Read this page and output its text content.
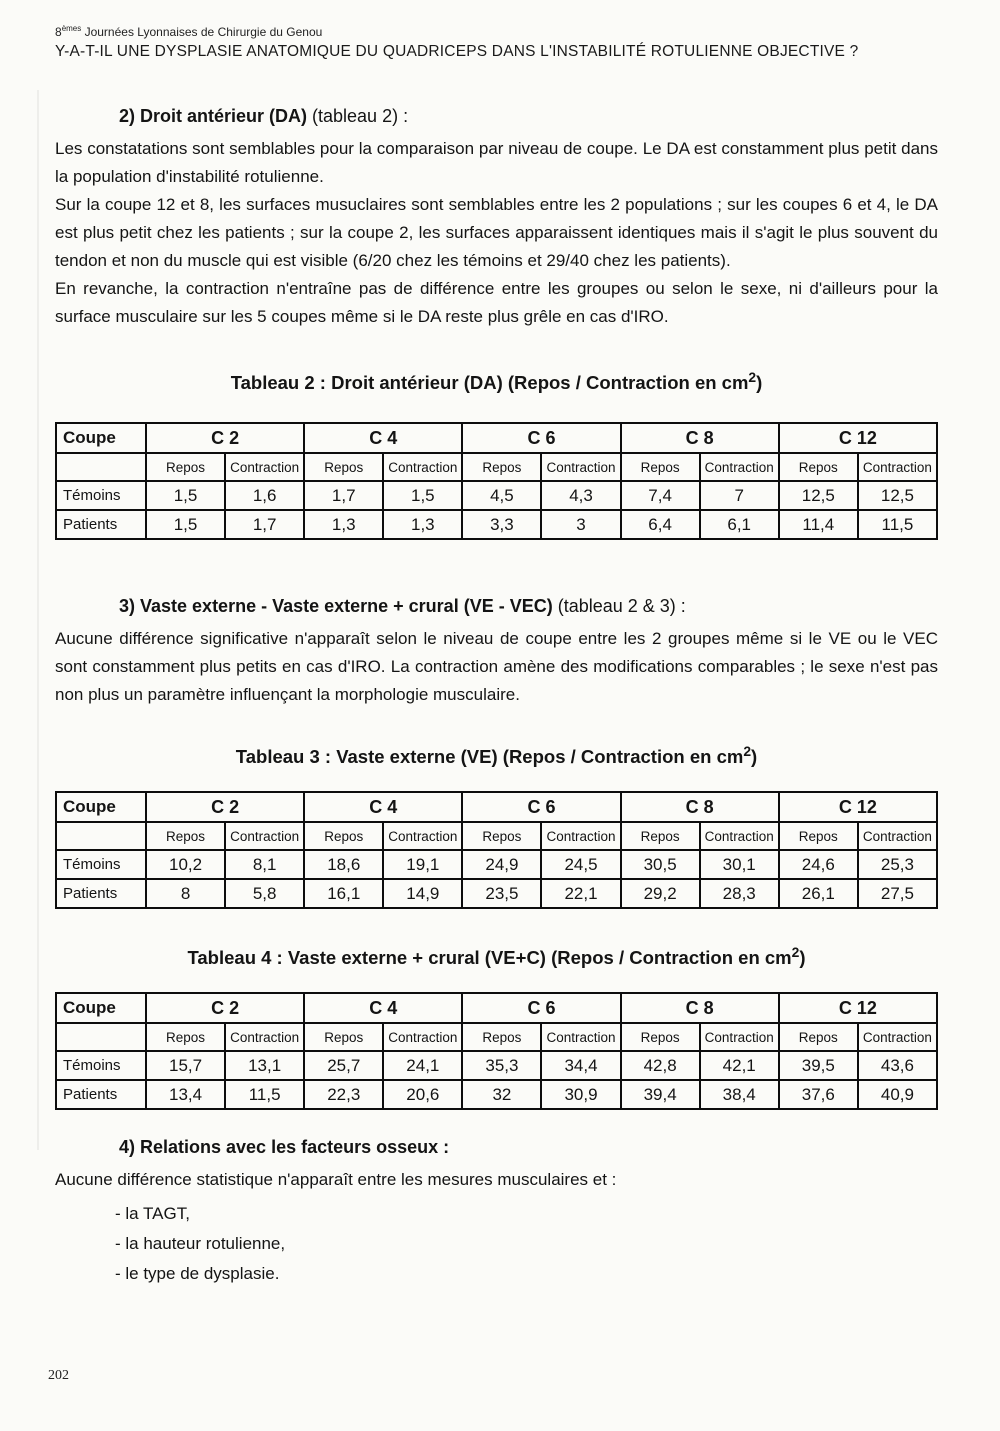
8èmes Journées Lyonnaises de Chirurgie du Genou
Y-A-T-IL UNE DYSPLASIE ANATOMIQUE DU QUADRICEPS DANS L'INSTABILITÉ ROTULIENNE OBJECTIVE ?
2) Droit antérieur (DA) (tableau 2) :

Les constatations sont semblables pour la comparaison par niveau de coupe. Le DA est constamment plus petit dans la population d'instabilité rotulienne.

Sur la coupe 12 et 8, les surfaces musuclaires sont semblables entre les 2 populations ; sur les coupes 6 et 4, le DA est plus petit chez les patients ; sur la coupe 2, les surfaces apparaissent identiques mais il s'agit le plus souvent du tendon et non du muscle qui est visible (6/20 chez les témoins et 29/40 chez les patients).

En revanche, la contraction n'entraîne pas de différence entre les groupes ou selon le sexe, ni d'ailleurs pour la surface musculaire sur les 5 coupes même si le DA reste plus grêle en cas d'IRO.

Tableau 2 : Droit antérieur (DA) (Repos / Contraction en $cm^2$)
Coupe	C 2		C 4		C 6		C 8		C 12	
	Repos	Contraction	Repos	Contraction	Repos	Contraction	Repos	Contraction	Repos	Contraction
Témoins	1,5	1,6	1,7	1,5	4,5	4,3	7,4	7	12,5	12,5
Patients	1,5	1,7	1,3	1,3	3,3	3	6,4	6,1	11,4	11,5
3) Vaste externe - Vaste externe + crural (VE - VEC) (tableau 2 & 3) :

Aucune différence significative n'apparaît selon le niveau de coupe entre les 2 groupes même si le VE ou le VEC sont constamment plus petits en cas d'IRO. La contraction amène des modifications comparables ; le sexe n'est pas non plus un paramètre influençant la morphologie musculaire.

Tableau 3 : Vaste externe (VE) (Repos / Contraction en $cm^2$)
Coupe	C 2		C 4		C 6		C 8		C 12	
	Repos	Contraction	Repos	Contraction	Repos	Contraction	Repos	Contraction	Repos	Contraction
Témoins	10,2	8,1	18,6	19,1	24,9	24,5	30,5	30,1	24,6	25,3
Patients	8	5,8	16,1	14,9	23,5	22,1	29,2	28,3	26,1	27,5
Tableau 4 : Vaste externe + crural (VE+C) (Repos / Contraction en $cm^2$)
Coupe	C 2		C 4		C 6		C 8		C 12	
	Repos	Contraction	Repos	Contraction	Repos	Contraction	Repos	Contraction	Repos	Contraction
Témoins	15,7	13,1	25,7	24,1	35,3	34,4	42,8	42,1	39,5	43,6
Patients	13,4	11,5	22,3	20,6	32	30,9	39,4	38,4	37,6	40,9
4) Relations avec les facteurs osseux :

Aucune différence statistique n'apparaît entre les mesures musculaires et :

- la TAGT,
- la hauteur rotulienne,
- le type de dysplasie.
202
